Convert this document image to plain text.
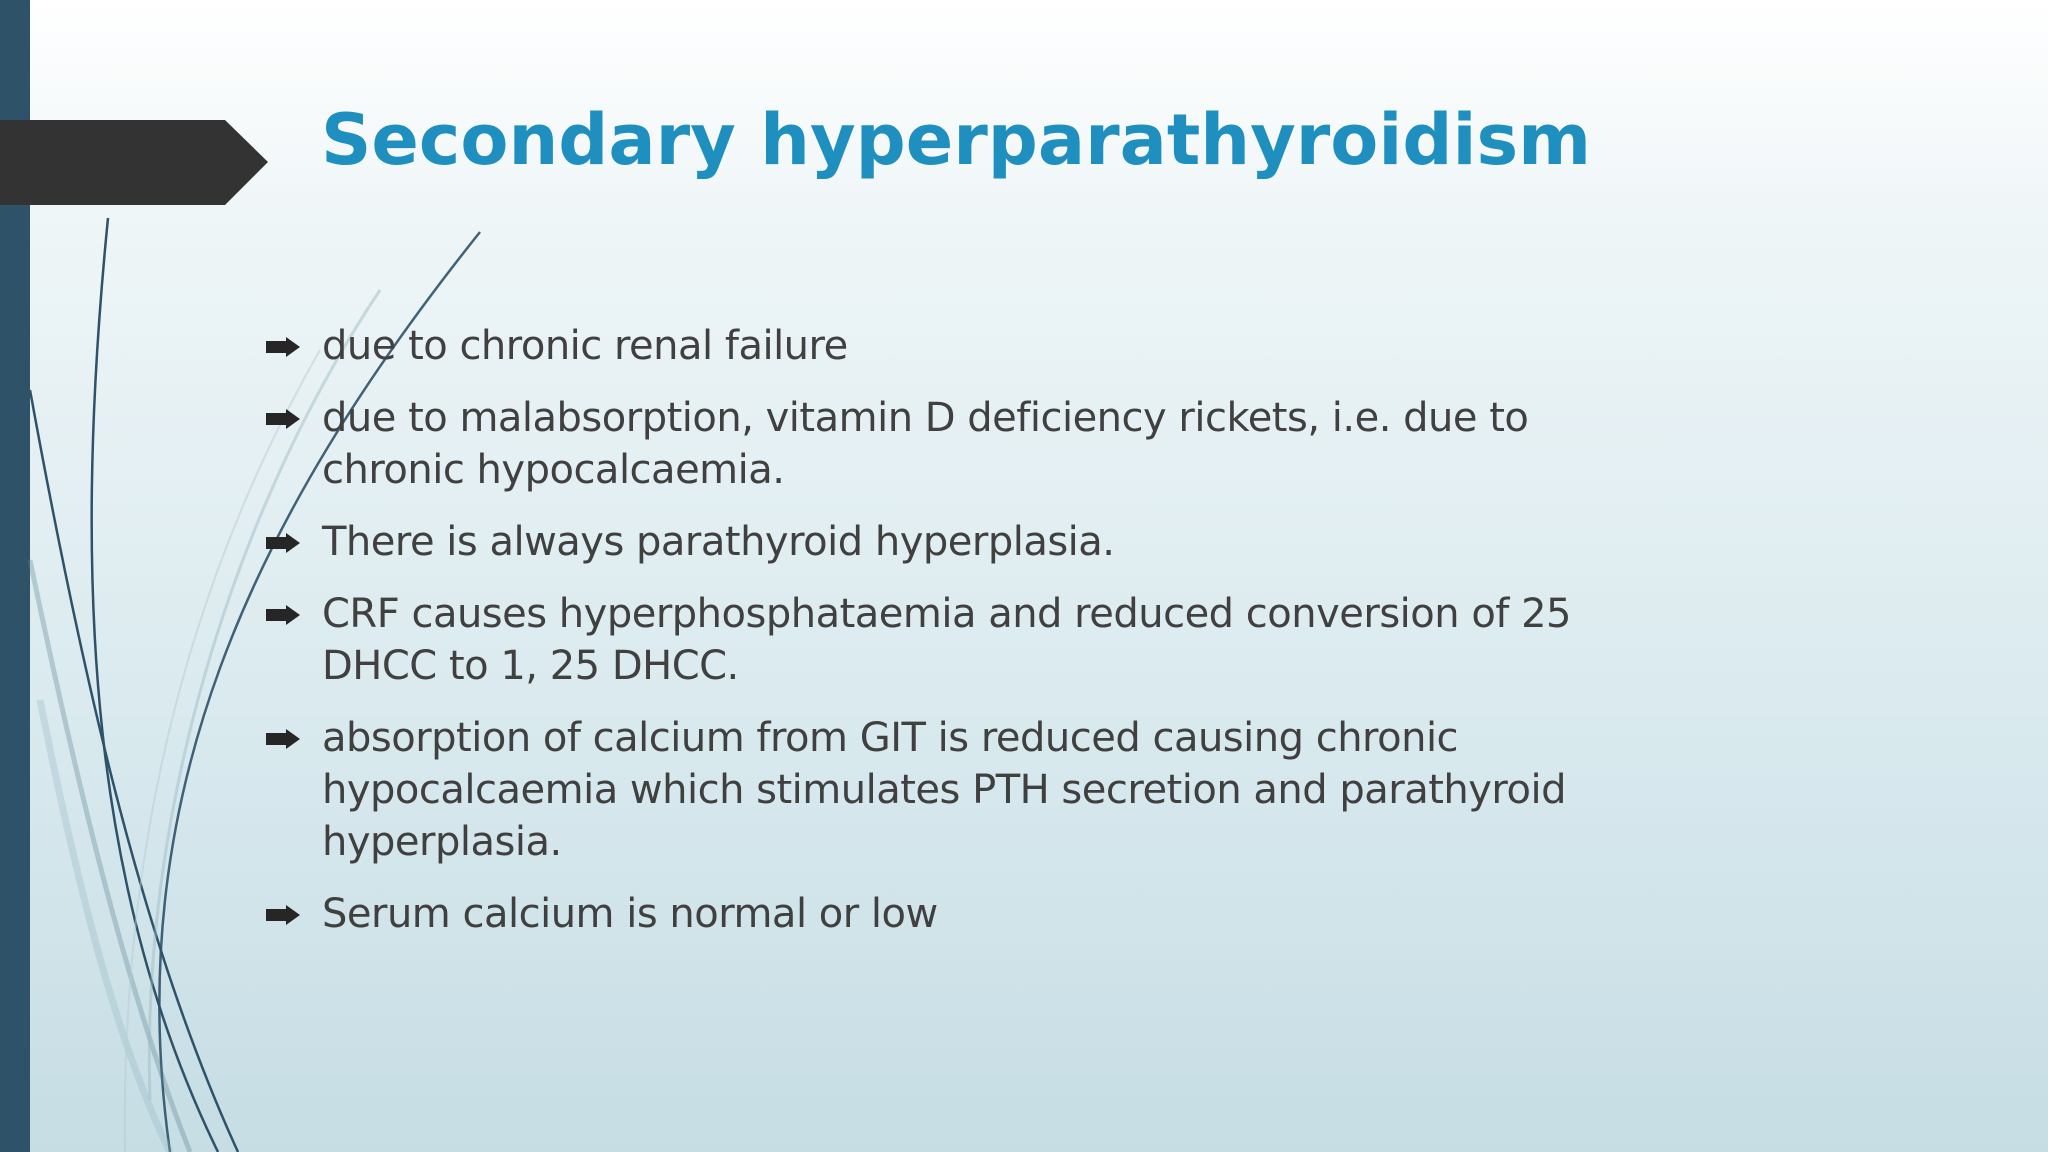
Secondary hyperparathyroidism
due to chronic renal failure
due to malabsorption, vitamin D deficiency rickets, i.e. due to chronic hypocalcaemia.
There is always parathyroid hyperplasia.
CRF causes hyperphosphataemia and reduced conversion of 25 DHCC to 1, 25 DHCC.
absorption of calcium from GIT is reduced causing chronic hypocalcaemia which stimulates PTH secretion and parathyroid hyperplasia.
Serum calcium is normal or low
